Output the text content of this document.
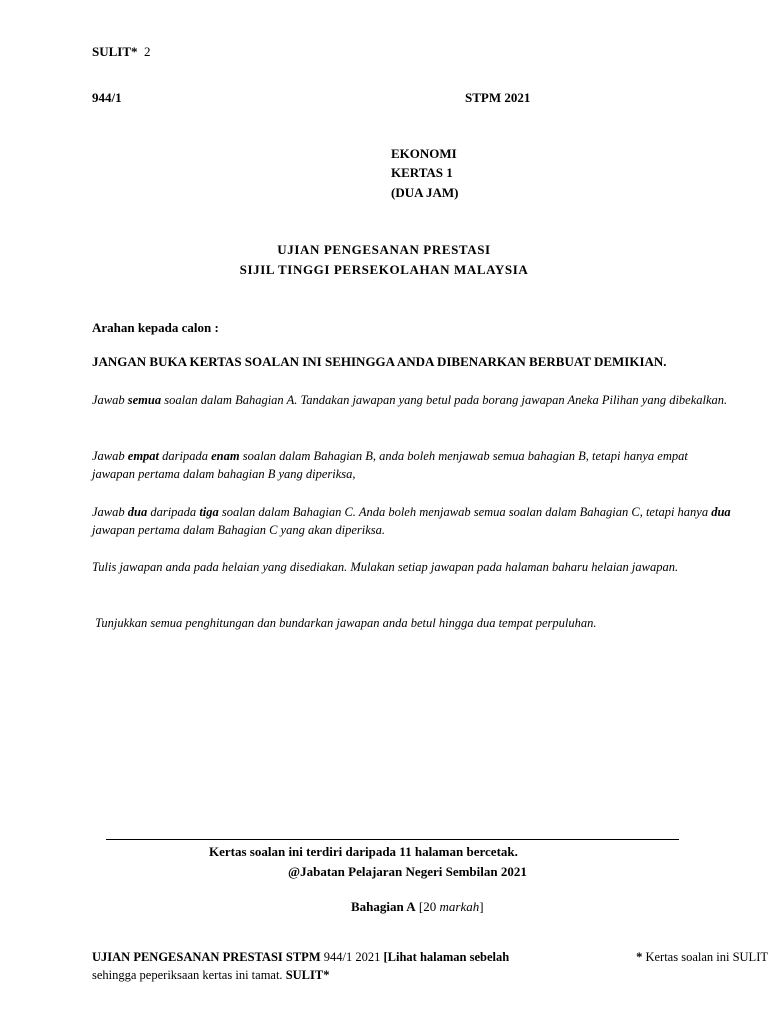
SULIT* 2
944/1	STPM 2021
EKONOMI
KERTAS 1
(DUA JAM)
UJIAN PENGESANAN PRESTASI
SIJIL TINGGI PERSEKOLAHAN MALAYSIA
Arahan kepada calon :
JANGAN BUKA KERTAS SOALAN INI SEHINGGA ANDA DIBENARKAN BERBUAT DEMIKIAN.
Jawab semua soalan dalam Bahagian A. Tandakan jawapan yang betul pada borang jawapan Aneka Pilihan yang dibekalkan.
Jawab empat daripada enam soalan dalam Bahagian B, anda boleh menjawab semua bahagian B, tetapi hanya empat jawapan pertama dalam bahagian B yang diperiksa,
Jawab dua daripada tiga soalan dalam Bahagian C. Anda boleh menjawab semua soalan dalam Bahagian C, tetapi hanya dua jawapan pertama dalam Bahagian C yang akan diperiksa.
Tulis jawapan anda pada helaian yang disediakan. Mulakan setiap jawapan pada halaman baharu helaian jawapan.
Tunjukkan semua penghitungan dan bundarkan jawapan anda betul hingga dua tempat perpuluhan.
Kertas soalan ini terdiri daripada 11 halaman bercetak.
@Jabatan Pelajaran Negeri Sembilan 2021
Bahagian A [20 markah]
UJIAN PENGESANAN PRESTASI STPM 944/1 2021 [Lihat halaman sebelah	* Kertas soalan ini SULIT
sehingga peperiksaan kertas ini tamat. SULIT*
